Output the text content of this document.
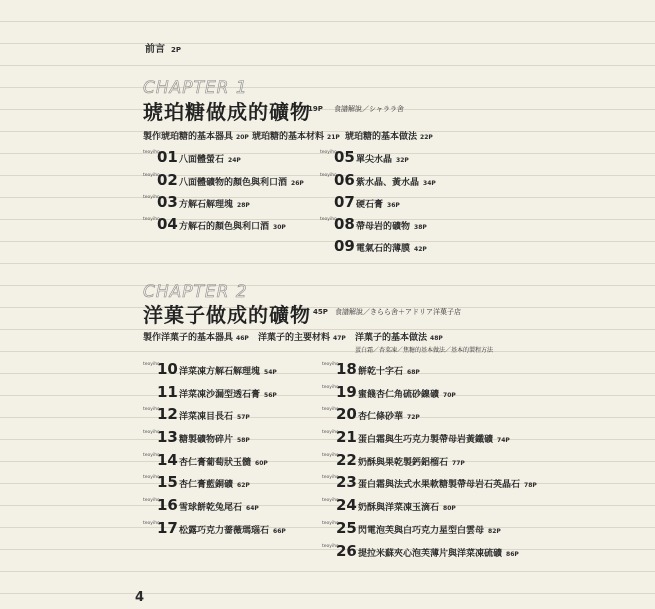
前言 2P
CHAPTER 1
琥珀糖做成的礦物
19P 食譜解說／シャララ舍
製作琥珀糖的基本器具 20P 琥珀糖的基本材料 21P 琥珀糖的基本做法 22P
teoyiho
01 八面體螢石 24P
teoyiho
02 八面體礦物的顏色與利口酒 26P
teoyiho
03 方解石解理塊 28P
teoyiho
04 方解石的顏色與利口酒 30P
teoyiho
05 單尖水晶 32P
teoyiho
06 紫水晶、黃水晶 34P
07 硬石膏 36P
teoyiho
08 帶母岩的礦物 38P
09 電氣石的薄膜 42P
CHAPTER 2
洋菓子做成的礦物 45P 食譜解說／きらら舍＋アドリア洋菓子店
製作洋菓子的基本器具 46P 洋菓子的主要材料 47P 洋菓子的基本做法 48P
蛋白霜／杏菜凍／焦糖的基本做法／基本的製程方法
teoyiho
10 洋菜凍方解石解理塊 54P
11 洋菜凍沙漏型透石膏 56P
teoyiho
12 洋菜凍目長石 57P
teoyiho
13 糖製礦物碎片 58P
teoyiho
14 杏仁膏葡萄狀玉髓 60P
teoyiho
15 杏仁膏藍銅礦 62P
teoyiho
16 雪球餅乾兔尾石 64P
teoyiho
17 松露巧克力薔薇瑪瑙石 66P
teoyiho
18 餅乾十字石 68P
teoyiho
19 蜜餞杏仁角硫砂鎳礦 70P
teoyiho
20 杏仁條砂華 72P
teoyiho
21 蛋白霜與生巧克力製帶母岩黃鐵礦 74P
teoyiho
22 奶酥與果乾製鈣鋁榴石 77P
teoyiho
23 蛋白霜與法式水果軟糖製帶母岩石英晶石 78P
teoyiho
24 奶酥與洋菜凍玉滴石 80P
teoyiho
25 閃電泡芙與白巧克力星型白雲母 82P
teoyiho
26 提拉米蘇夾心泡芙薄片與洋菜凍硫礦 86P
4
